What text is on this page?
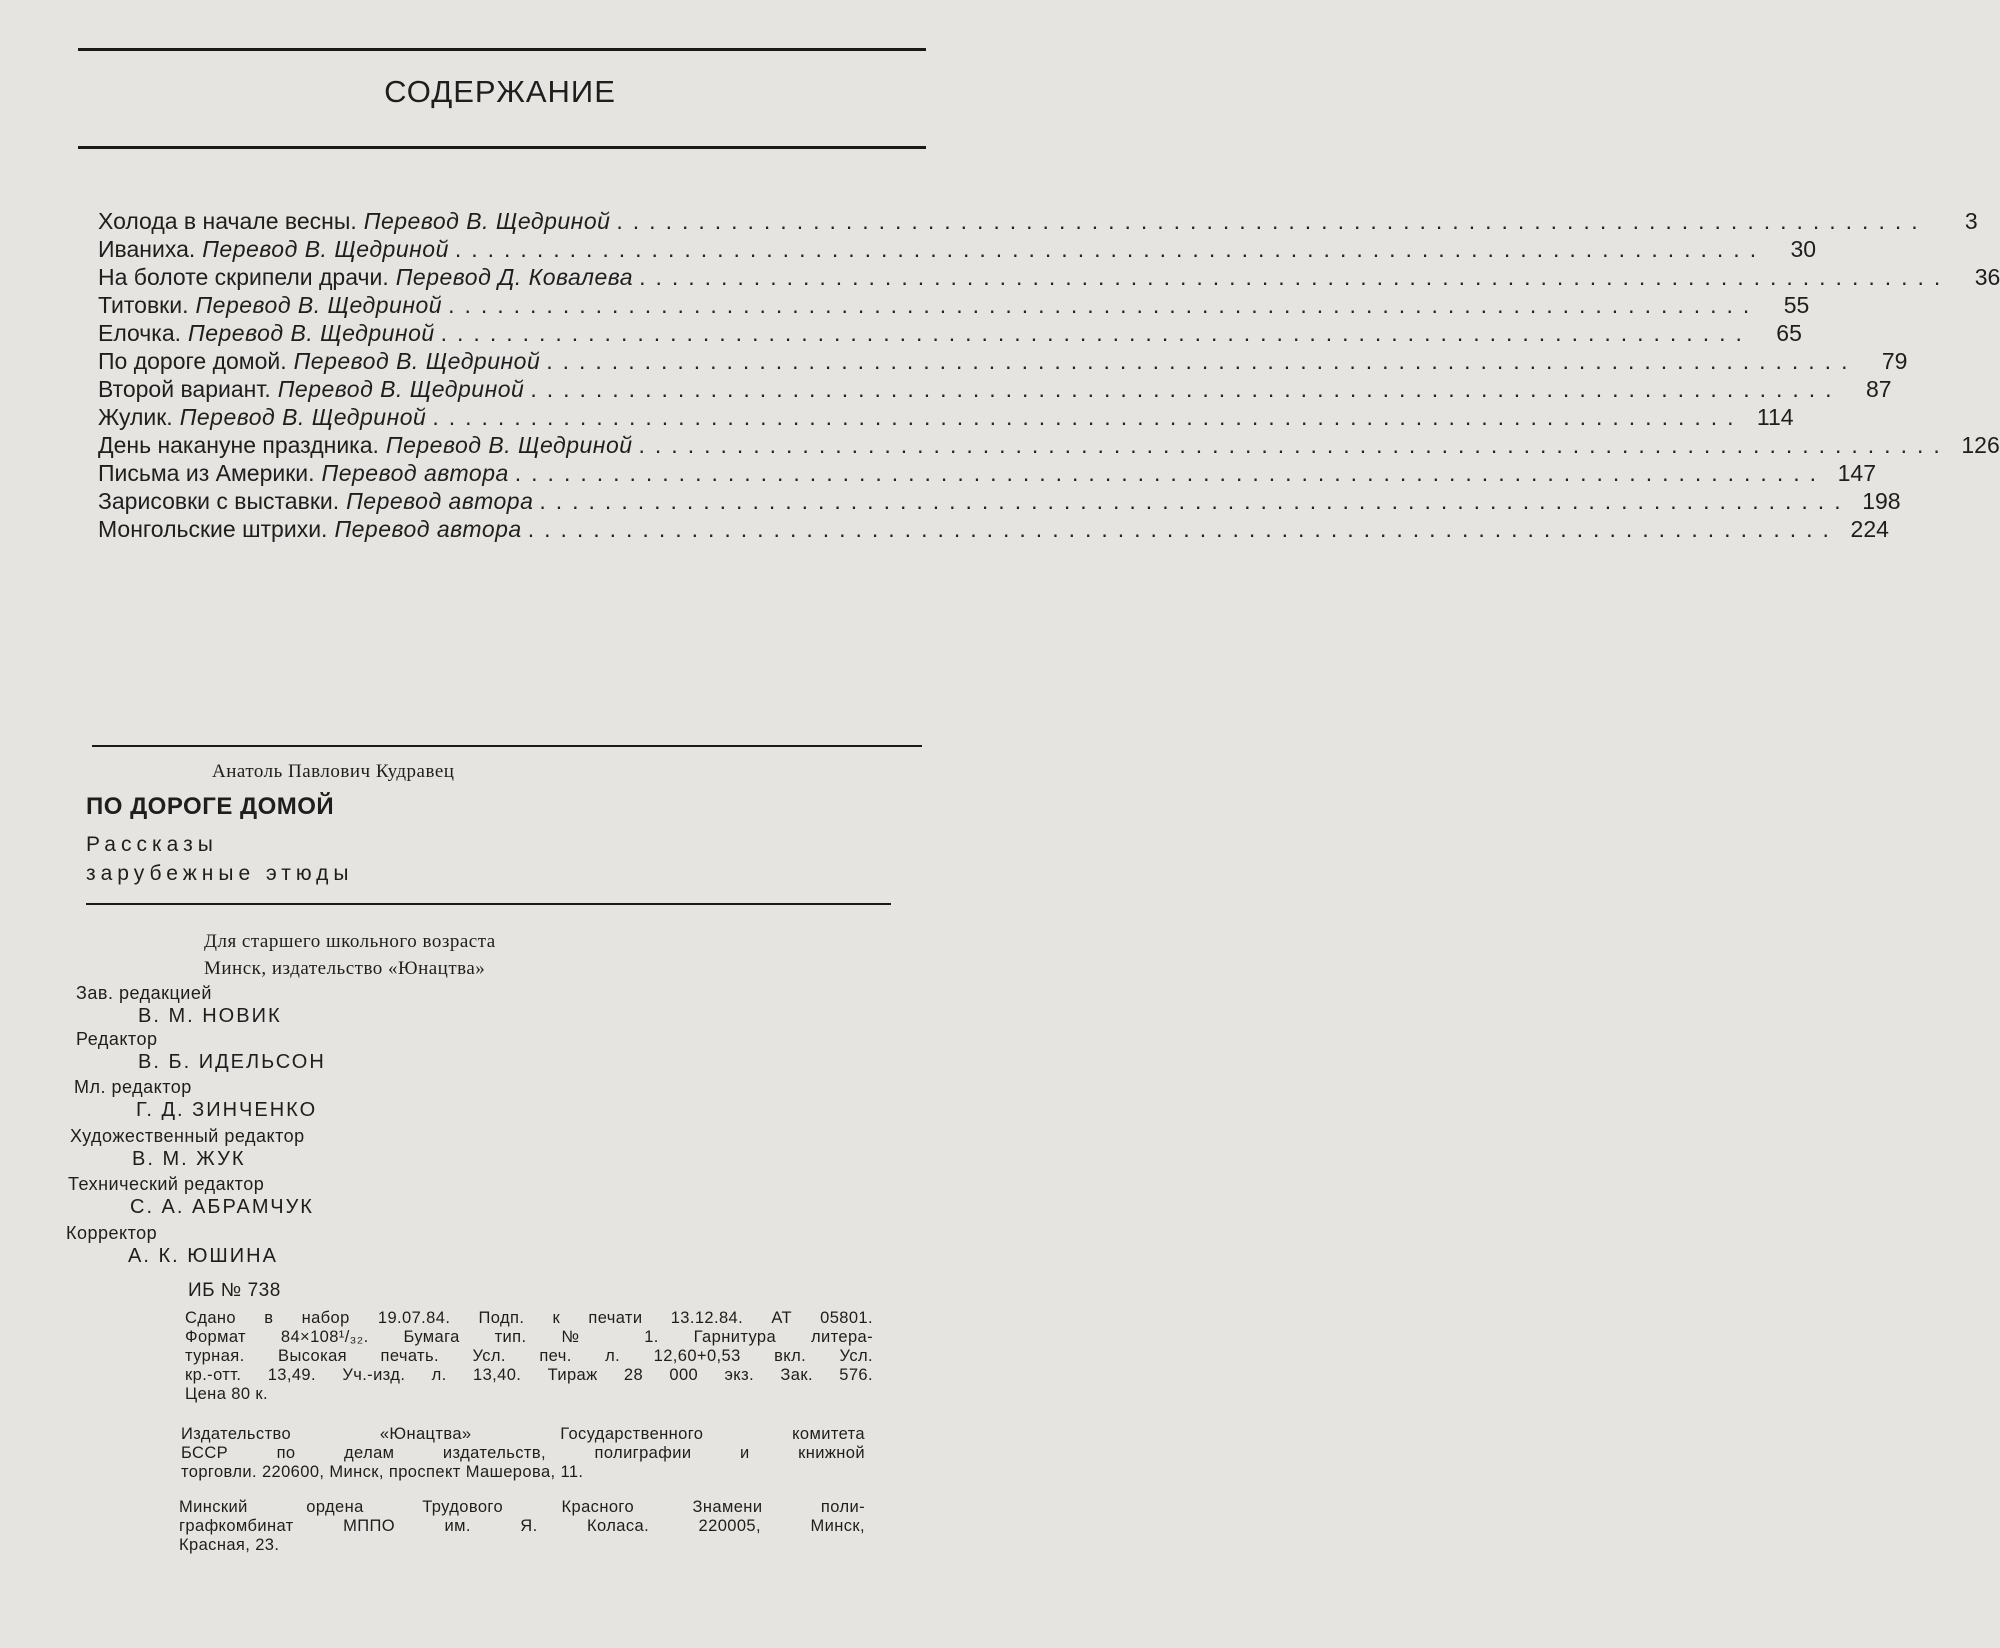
СОДЕРЖАНИЕ
Холода в начале весны. Перевод В. Щедриной ................................................................................	3
Иваниха. Перевод В. Щедриной ................................................................................	30
На болоте скрипели драчи. Перевод Д. Ковалева ................................................................................	36
Титовки. Перевод В. Щедриной ................................................................................	55
Елочка. Перевод В. Щедриной ................................................................................	65
По дороге домой. Перевод В. Щедриной ................................................................................	79
Второй вариант. Перевод В. Щедриной ................................................................................	87
Жулик. Перевод В. Щедриной ................................................................................ 114
День накануне праздника. Перевод В. Щедриной ................................................................................ 126
Письма из Америки. Перевод автора ................................................................................ 147
Зарисовки с выставки. Перевод автора ................................................................................ 198
Монгольские штрихи. Перевод автора ................................................................................ 224
Анатоль Павлович Кудравец
ПО ДОРОГЕ ДОМОЙ
Рассказы
зарубежные этюды
Для старшего школьного возраста
Минск, издательство «Юнацтва»
Зав. редакцией
В. М. НОВИК
Редактор
В. Б. ИДЕЛЬСОН
Мл. редактор
Г. Д. ЗИНЧЕНКО
Художественный редактор
В. М. ЖУК
Технический редактор
С. А. АБРАМЧУК
Корректор
А. К. ЮШИНА
ИБ № 738

Сдано в набор 19.07.84. Подп. к печати 13.12.84. АТ 05801.
Формат 84×108¹/₃₂. Бумага тип. № 1. Гарнитура литера-
турная. Высокая печать. Усл. печ. л. 12,60+0,53 вкл. Усл.
кр.-отт. 13,49. Уч.-изд. л. 13,40. Тираж 28 000 экз. Зак. 576.
Цена 80 к.

Издательство «Юнацтва» Государственного комитета
БССР по делам издательств, полиграфии и книжной
торговли. 220600, Минск, проспект Машерова, 11.

Минский ордена Трудового Красного Знамени поли-
графкомбинат МППО им. Я. Коласа. 220005, Минск,
Красная, 23.
